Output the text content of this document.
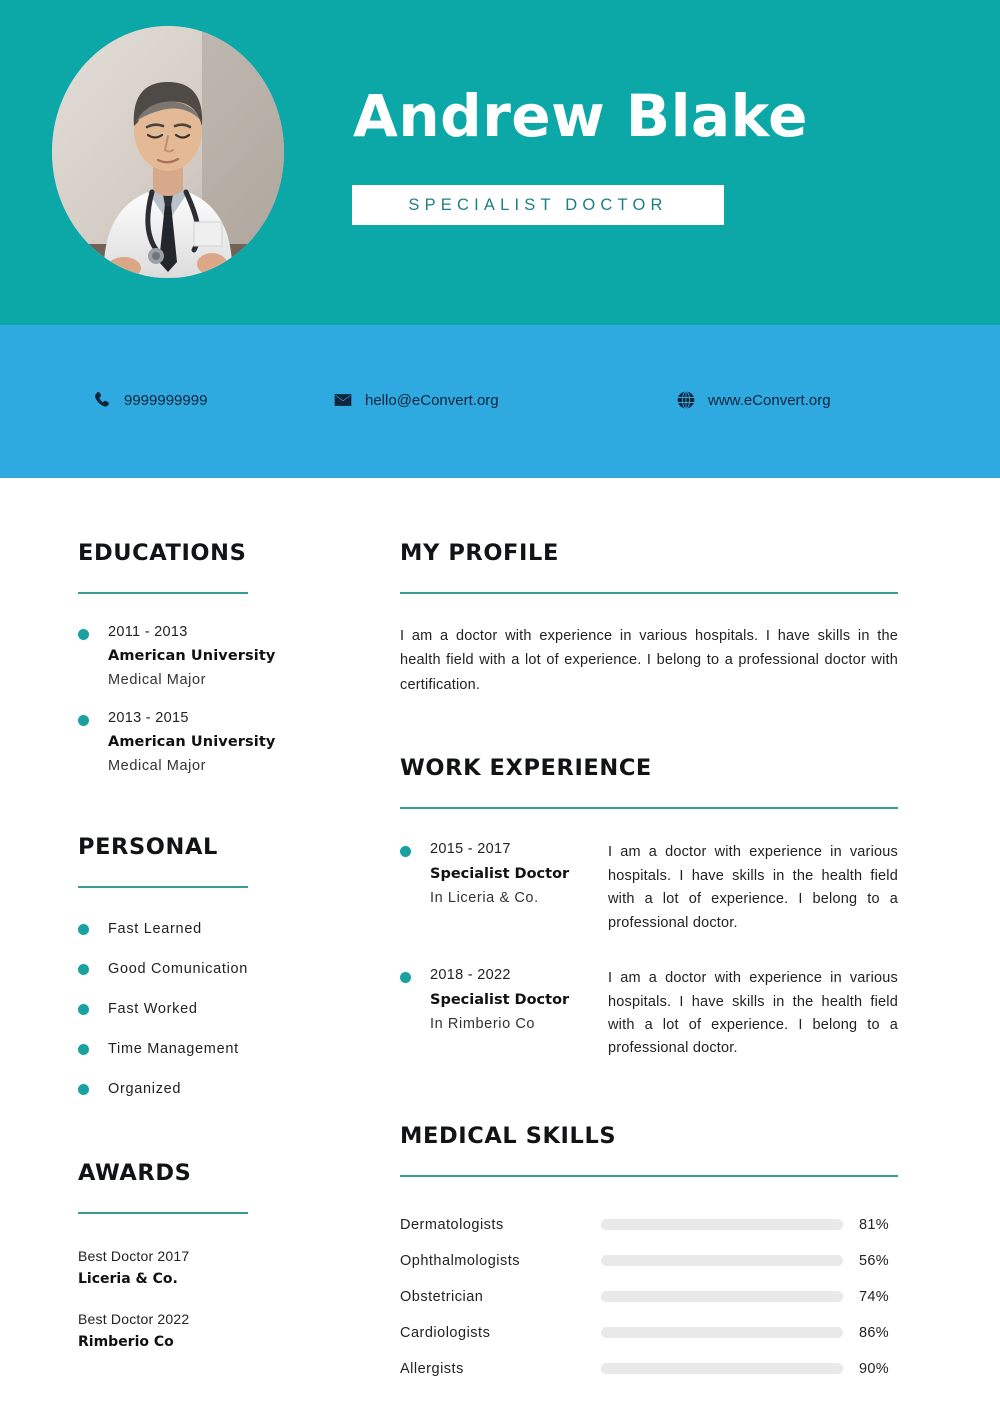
Andrew Blake
SPECIALIST DOCTOR
9999999999	hello@eConvert.org	www.eConvert.org
EDUCATIONS
2011 - 2013
American University
Medical Major
2013 - 2015
American University
Medical Major
PERSONAL
Fast Learned
Good Comunication
Fast Worked
Time Management
Organized
AWARDS
Best Doctor 2017
Liceria & Co.
Best Doctor 2022
Rimberio Co
MY PROFILE

I am a doctor with experience in various hospitals. I have skills in the health field with a lot of experience. I belong to a professional doctor with certification.

WORK EXPERIENCE
2015 - 2017
Specialist Doctor
In Liceria & Co.
I am a doctor with experience in various hospitals. I have skills in the health field with a lot of experience. I belong to a professional doctor.
2018 - 2022
Specialist Doctor
In Rimberio Co
I am a doctor with experience in various hospitals. I have skills in the health field with a lot of experience. I belong to a professional doctor.
MEDICAL SKILLS
Dermatologists	81%
Ophthalmologists	56%
Obstetrician	74%
Cardiologists	86%
Allergists	90%
